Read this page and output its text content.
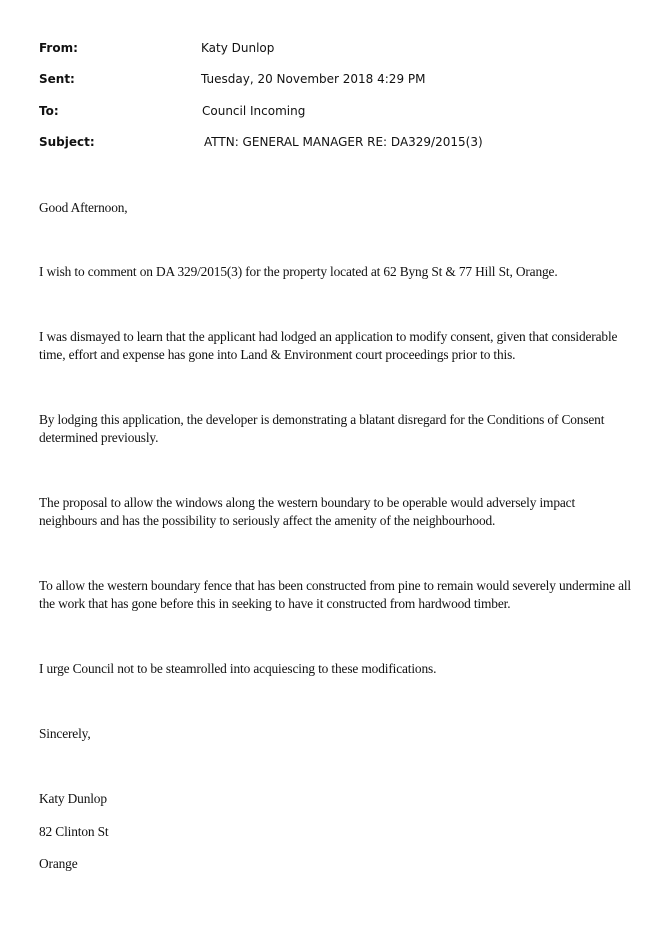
From:	Katy Dunlop
Sent:	Tuesday, 20 November 2018 4:29 PM
To:	Council Incoming
Subject:	ATTN: GENERAL MANAGER RE: DA329/2015(3)

Good Afternoon,

I wish to comment on DA 329/2015(3) for the property located at 62 Byng St & 77 Hill St, Orange.

I was dismayed to learn that the applicant had lodged an application to modify consent, given that considerable time, effort and expense has gone into Land & Environment court proceedings prior to this.

By lodging this application, the developer is demonstrating a blatant disregard for the Conditions of Consent determined previously.

The proposal to allow the windows along the western boundary to be operable would adversely impact neighbours and has the possibility to seriously affect the amenity of the neighbourhood.

To allow the western boundary fence that has been constructed from pine to remain would severely undermine all the work that has gone before this in seeking to have it constructed from hardwood timber.

I urge Council not to be steamrolled into acquiescing to these modifications.

Sincerely,

Katy Dunlop

82 Clinton St

Orange
